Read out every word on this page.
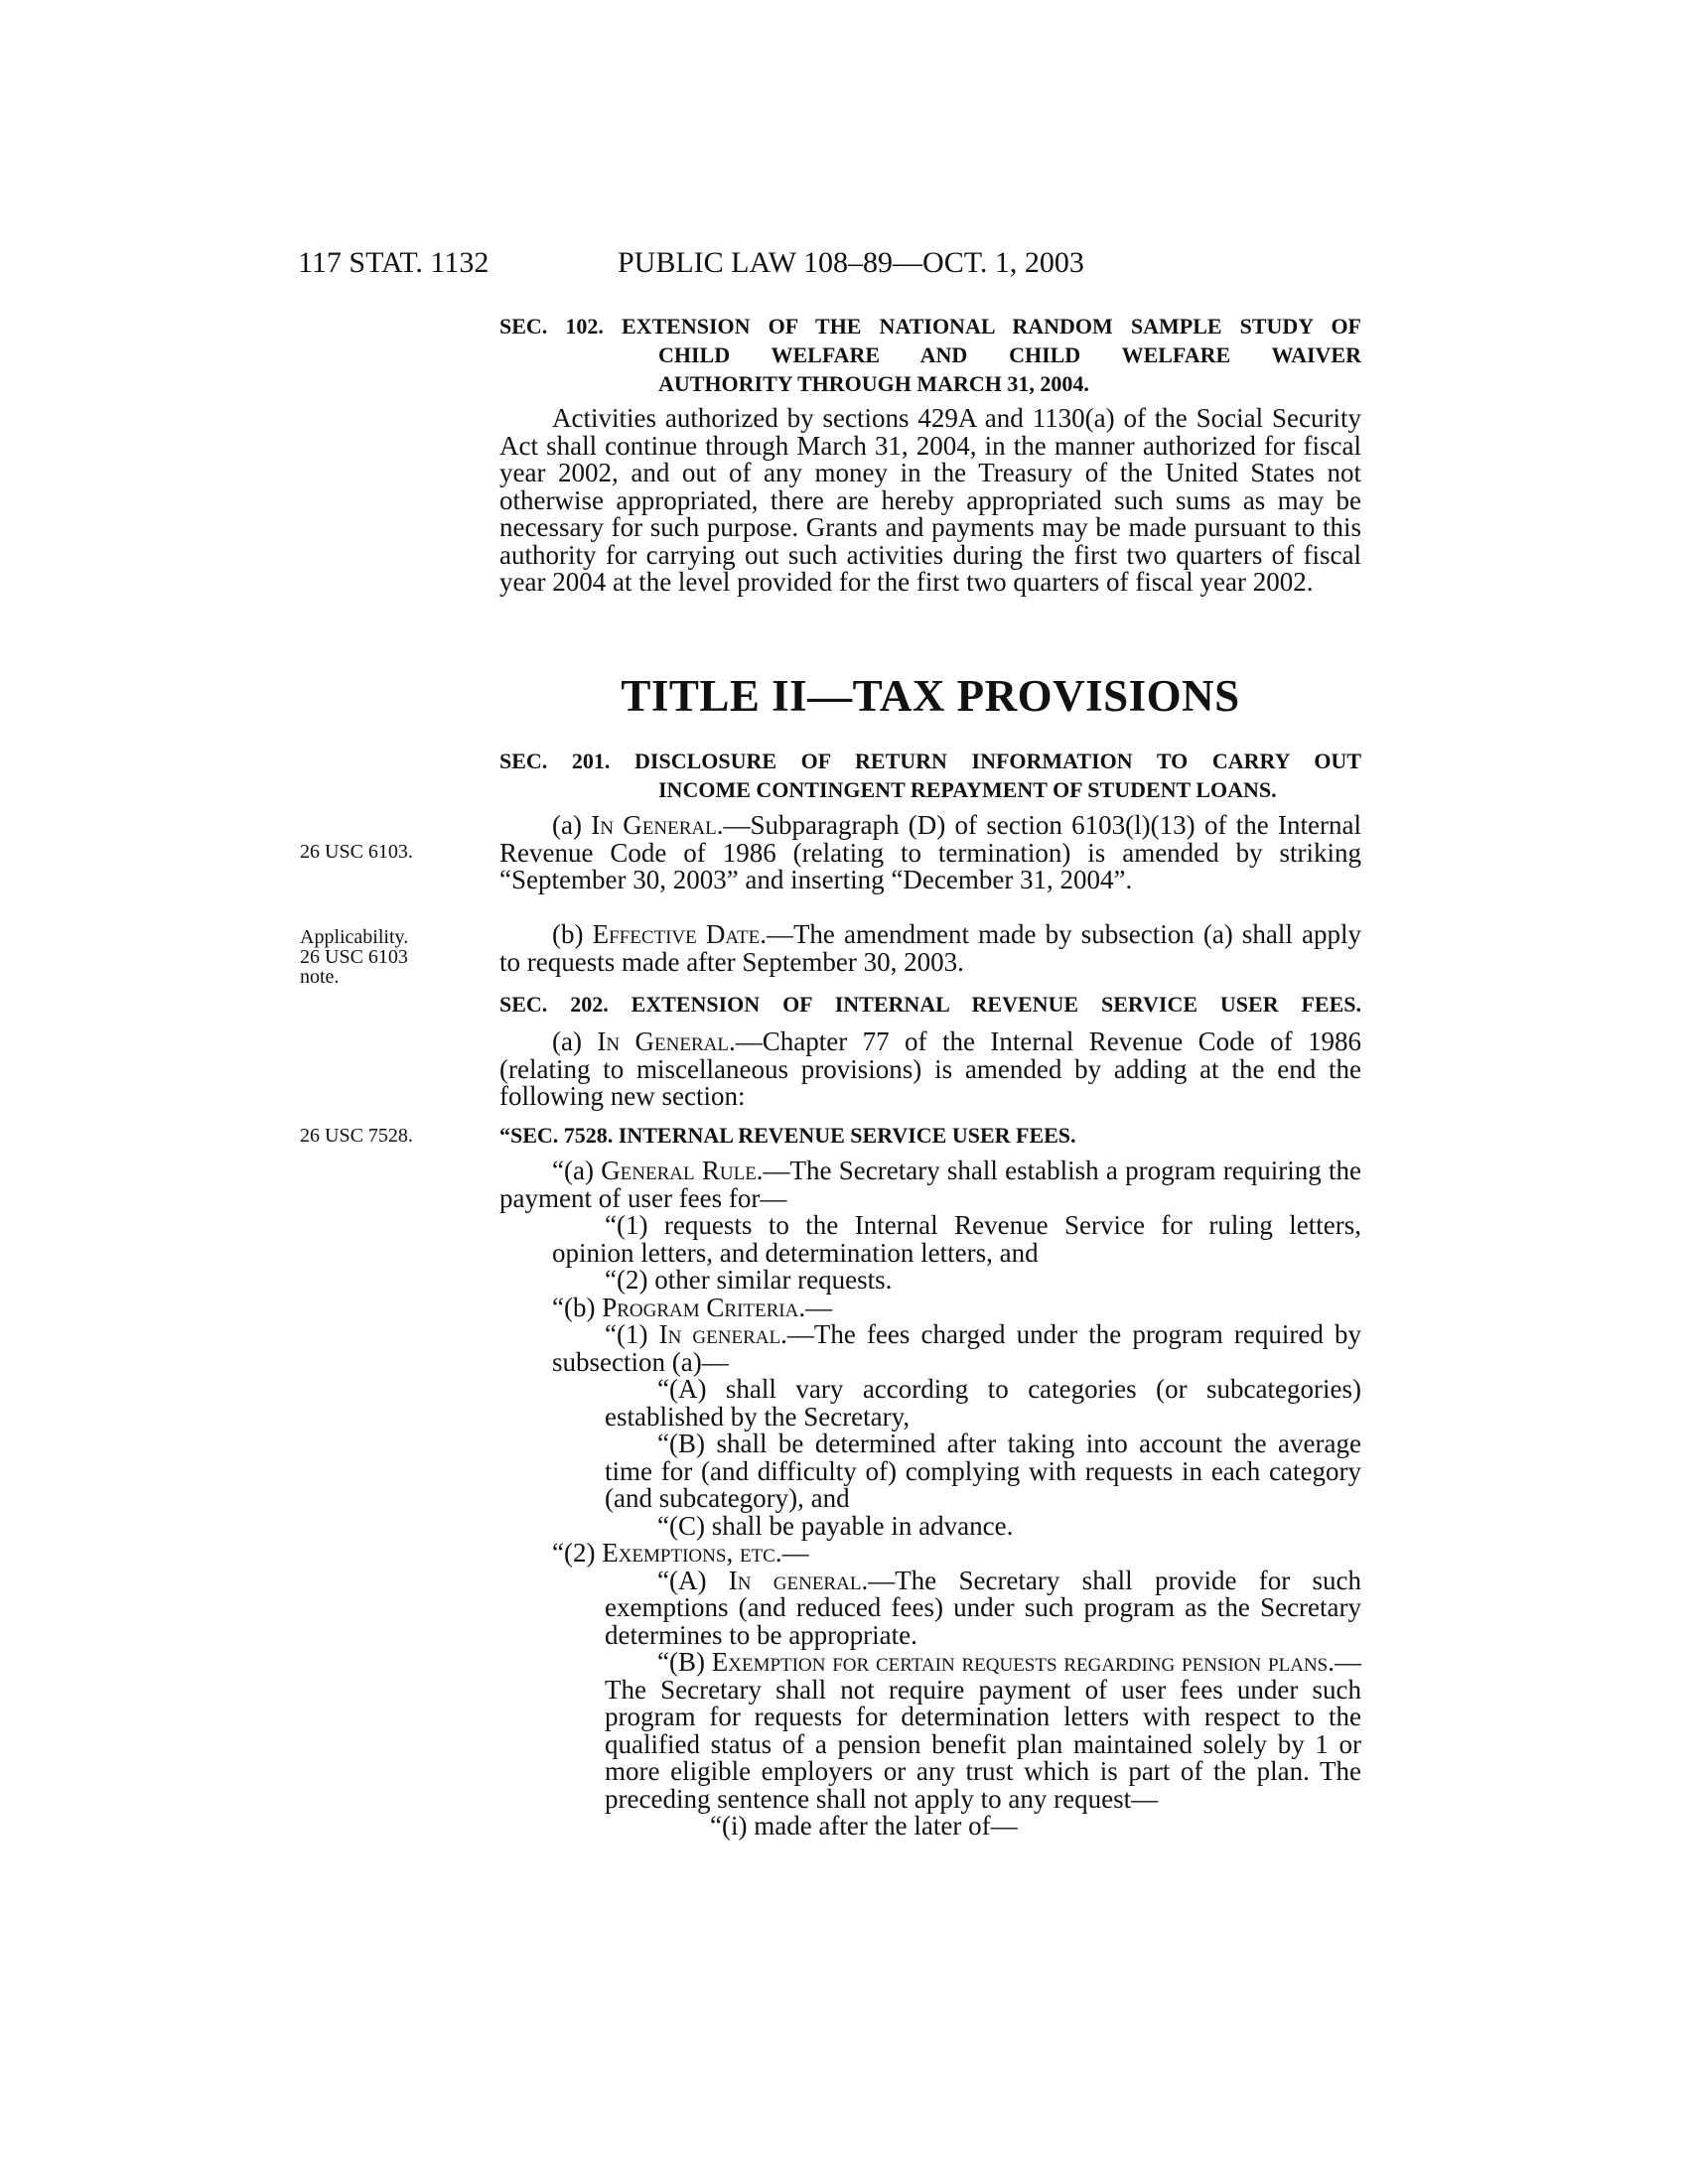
117 STAT. 1132	PUBLIC LAW 108–89—OCT. 1, 2003

SEC. 102. EXTENSION OF THE NATIONAL RANDOM SAMPLE STUDY OF
CHILD WELFARE AND CHILD WELFARE WAIVER
AUTHORITY THROUGH MARCH 31, 2004.

Activities authorized by sections 429A and 1130(a) of the Social Security Act shall continue through March 31, 2004, in the manner authorized for fiscal year 2002, and out of any money in the Treasury of the United States not otherwise appropriated, there are hereby appropriated such sums as may be necessary for such purpose. Grants and payments may be made pursuant to this authority for carrying out such activities during the first two quarters of fiscal year 2004 at the level provided for the first two quarters of fiscal year 2002.

TITLE II—TAX PROVISIONS

SEC. 201. DISCLOSURE OF RETURN INFORMATION TO CARRY OUT
INCOME CONTINGENT REPAYMENT OF STUDENT LOANS.

26 USC 6103.

(a) In General.—Subparagraph (D) of section 6103(l)(13) of the Internal Revenue Code of 1986 (relating to termination) is amended by striking “September 30, 2003” and inserting “December 31, 2004”.

Applicability.
26 USC 6103
note.

(b) Effective Date.—The amendment made by subsection (a) shall apply to requests made after September 30, 2003.

SEC. 202. EXTENSION OF INTERNAL REVENUE SERVICE USER FEES.

(a) In General.—Chapter 77 of the Internal Revenue Code of 1986 (relating to miscellaneous provisions) is amended by adding at the end the following new section:

26 USC 7528.	“SEC. 7528. INTERNAL REVENUE SERVICE USER FEES.

“(a) General Rule.—The Secretary shall establish a program requiring the payment of user fees for—

“(1) requests to the Internal Revenue Service for ruling letters, opinion letters, and determination letters, and

“(2) other similar requests.

“(b) Program Criteria.—

“(1) In general.—The fees charged under the program required by subsection (a)—

“(A) shall vary according to categories (or subcategories) established by the Secretary,

“(B) shall be determined after taking into account the average time for (and difficulty of) complying with requests in each category (and subcategory), and

“(C) shall be payable in advance.

“(2) Exemptions, etc.—

“(A) In general.—The Secretary shall provide for such exemptions (and reduced fees) under such program as the Secretary determines to be appropriate.

“(B) Exemption for certain requests regarding pension plans.—The Secretary shall not require payment of user fees under such program for requests for determination letters with respect to the qualified status of a pension benefit plan maintained solely by 1 or more eligible employers or any trust which is part of the plan. The preceding sentence shall not apply to any request—

“(i) made after the later of—
